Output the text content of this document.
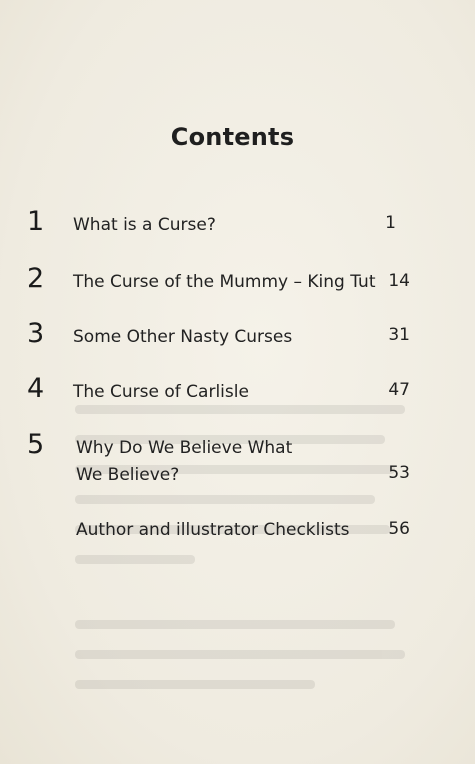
Contents
1 What is a Curse?	1
2 The Curse of the Mummy – King Tut 14
3 Some Other Nasty Curses	31
4 The Curse of Carlisle	47
5 Why Do We Believe What
We Believe?	53
Author and illustrator Checklists	56
